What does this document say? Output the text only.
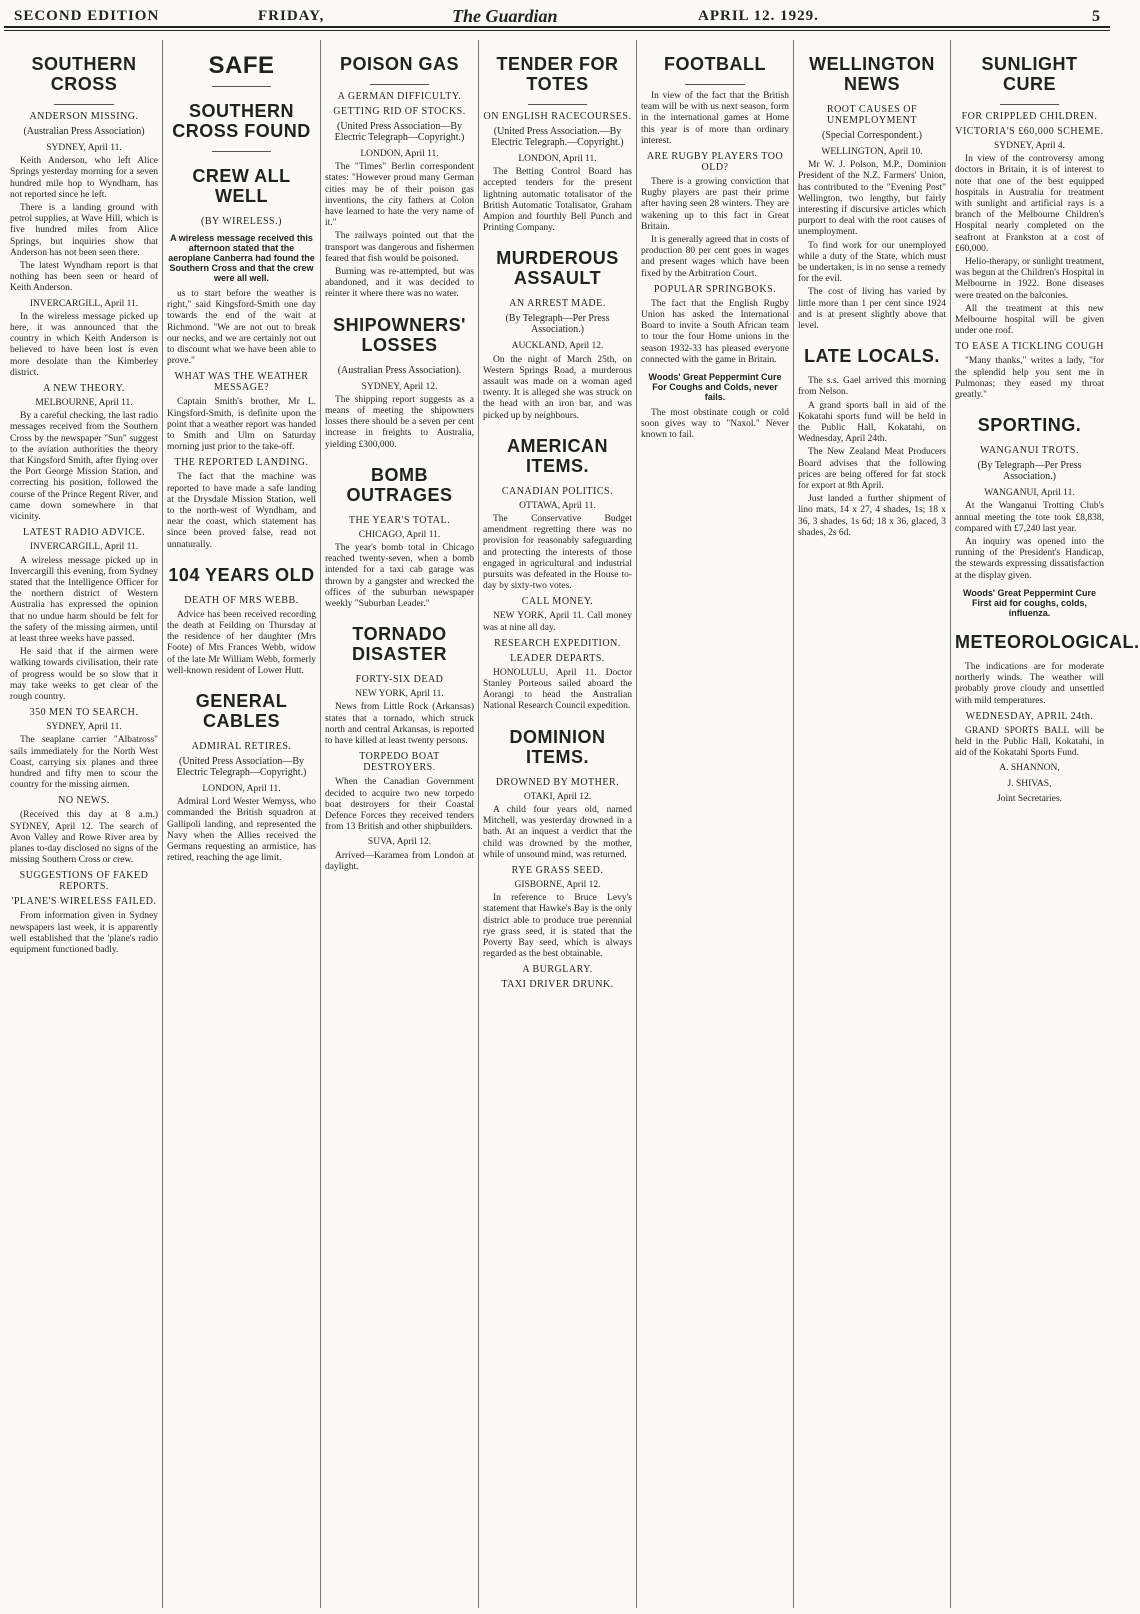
SECOND EDITION	FRIDAY,	The Guardian	APRIL 12. 1929.	5
SOUTHERN CROSS
ANDERSON MISSING.
(Australian Press Association)

SYDNEY, April 11.

Keith Anderson, who left Alice Springs yesterday morning for a seven hundred mile hop to Wyndham, has not reported since he left.

There is a landing ground with petrol supplies, at Wave Hill, which is five hundred miles from Alice Springs, but inquiries show that Anderson has not been seen there.

The latest Wyndham report is that nothing has been seen or heard of Keith Anderson.

INVERCARGILL, April 11.

In the wireless message picked up here, it was announced that the country in which Keith Anderson is believed to have been lost is even more desolate than the Kimberley district.

A NEW THEORY.

MELBOURNE, April 11.

By a careful checking, the last radio messages received from the Southern Cross by the newspaper "Sun" suggest to the aviation authorities the theory that Kingsford Smith, after flying over the Port George Mission Station, and correcting his position, followed the course of the Prince Regent River, and came down somewhere in that vicinity.

LATEST RADIO ADVICE.

INVERCARGILL, April 11.

A wireless message picked up in Invercargill this evening, from Sydney stated that the Intelligence Officer for the northern district of Western Australia has expressed the opinion that no undue harm should be felt for the safety of the missing airmen, until at least three weeks have passed.

He said that if the airmen were walking towards civilisation, their rate of progress would be so slow that it may take weeks to get clear of the rough country.

350 MEN TO SEARCH.

SYDNEY, April 11.

The seaplane carrier "Albatross" sails immediately for the North West Coast, carrying six planes and three hundred and fifty men to scour the country for the missing airmen.

NO NEWS.

(Received this day at 8 a.m.) SYDNEY, April 12. The search of Avon Valley and Rowe River area by planes to-day disclosed no signs of the missing Southern Cross or crew.

SUGGESTIONS OF FAKED REPORTS.
'PLANE'S WIRELESS FAILED.

From information given in Sydney newspapers last week, it is apparently well established that the 'plane's radio equipment functioned badly.

SAFE
SOUTHERN CROSS FOUND
CREW ALL WELL
(BY WIRELESS.)
A wireless message received this afternoon stated that the aeroplane Canberra had found the Southern Cross and that the crew were all well.

us to start before the weather is right," said Kingsford-Smith one day towards the end of the wait at Richmond. "We are not out to break our necks, and we are certainly not out to discount what we have been able to prove."

WHAT WAS THE WEATHER MESSAGE?

Captain Smith's brother, Mr L. Kingsford-Smith, is definite upon the point that a weather report was handed to Smith and Ulm on Saturday morning just prior to the take-off.

THE REPORTED LANDING.

The fact that the machine was reported to have made a safe landing at the Drysdale Mission Station, well to the north-west of Wyndham, and near the coast, which statement has since been proved false, read not unnaturally.

104 YEARS OLD
DEATH OF MRS WEBB.

Advice has been received recording the death at Feilding on Thursday at the residence of her daughter (Mrs Foote) of Mrs Frances Webb, widow of the late Mr William Webb, formerly well-known resident of Lower Hutt.

GENERAL CABLES
ADMIRAL RETIRES.
(United Press Association—By Electric Telegraph—Copyright.)

LONDON, April 11.

Admiral Lord Wester Wemyss, who commanded the British squadron at Gallipoli landing, and represented the Navy when the Allies received the Germans requesting an armistice, has retired, reaching the age limit.

POISON GAS
A GERMAN DIFFICULTY.
GETTING RID OF STOCKS.
(United Press Association—By Electric Telegraph—Copyright.)

LONDON, April 11.

The "Times" Berlin correspondent states: "However proud many German cities may be of their poison gas inventions, the city fathers at Colon have learned to hate the very name of it."

The railways pointed out that the transport was dangerous and fishermen feared that fish would be poisoned.

Burning was re-attempted, but was abandoned, and it was decided to reinter it where there was no water.

SHIPOWNERS' LOSSES
(Australian Press Association).

SYDNEY, April 12.

The shipping report suggests as a means of meeting the shipowners losses there should be a seven per cent increase in freights to Australia, yielding £300,000.

BOMB OUTRAGES
THE YEAR'S TOTAL.

CHICAGO, April 11.

The year's bomb total in Chicago reached twenty-seven, when a bomb intended for a taxi cab garage was thrown by a gangster and wrecked the offices of the suburban newspaper weekly "Suburban Leader."

TORNADO DISASTER
FORTY-SIX DEAD

NEW YORK, April 11.

News from Little Rock (Arkansas) states that a tornado, which struck north and central Arkansas, is reported to have killed at least twenty persons.

TORPEDO BOAT DESTROYERS.

When the Canadian Government decided to acquire two new torpedo boat destroyers for their Coastal Defence Forces they received tenders from 13 British and other shipbuilders.

SUVA, April 12.

Arrived—Karamea from London at daylight.

TENDER FOR TOTES
ON ENGLISH RACECOURSES.
(United Press Association.—By Electric Telegraph.—Copyright.)

LONDON, April 11.

The Betting Control Board has accepted tenders for the present lightning automatic totalisator of the British Automatic Totalisator, Graham Ampion and fourthly Bell Punch and Printing Company.

MURDEROUS ASSAULT
AN ARREST MADE.
(By Telegraph—Per Press Association.)

AUCKLAND, April 12.

On the night of March 25th, on Western Springs Road, a murderous assault was made on a woman aged twenty. It is alleged she was struck on the head with an iron bar, and was picked up by neighbours.

AMERICAN ITEMS.
CANADIAN POLITICS.

OTTAWA, April 11.

The Conservative Budget amendment regretting there was no provision for reasonably safeguarding and protecting the interests of those engaged in agricultural and industrial pursuits was defeated in the House to-day by sixty-two votes.

CALL MONEY.

NEW YORK, April 11. Call money was at nine all day.

RESEARCH EXPEDITION.
LEADER DEPARTS.

HONOLULU, April 11. Doctor Stanley Porteous sailed aboard the Aorangi to head the Australian National Research Council expedition.

DOMINION ITEMS.
DROWNED BY MOTHER.

OTAKI, April 12.

A child four years old, named Mitchell, was yesterday drowned in a bath. At an inquest a verdict that the child was drowned by the mother, while of unsound mind, was returned.

RYE GRASS SEED.

GISBORNE, April 12.

In reference to Bruce Levy's statement that Hawke's Bay is the only district able to produce true perennial rye grass seed, it is stated that the Poverty Bay seed, which is always regarded as the best obtainable.

A BURGLARY.
TAXI DRIVER DRUNK.
FOOTBALL

In view of the fact that the British team will be with us next season, form in the international games at Home this year is of more than ordinary interest.

ARE RUGBY PLAYERS TOO OLD?

There is a growing conviction that Rugby players are past their prime after having seen 28 winters. They are wakening up to this fact in Great Britain.

It is generally agreed that in costs of production 80 per cent goes in wages and present wages which have been fixed by the Arbitration Court.

POPULAR SPRINGBOKS.

The fact that the English Rugby Union has asked the International Board to invite a South African team to tour the four Home unions in the season 1932-33 has pleased everyone connected with the game in Britain.

Woods' Great Peppermint Cure For Coughs and Colds, never fails.

The most obstinate cough or cold soon gives way to "Naxol." Never known to fail.

WELLINGTON NEWS
ROOT CAUSES OF UNEMPLOYMENT
(Special Correspondent.)

WELLINGTON, April 10.

Mr W. J. Polson, M.P., Dominion President of the N.Z. Farmers' Union, has contributed to the "Evening Post" Wellington, two lengthy, but fairly interesting if discursive articles which purport to deal with the root causes of unemployment.

To find work for our unemployed while a duty of the State, which must be undertaken, is in no sense a remedy for the evil.

The cost of living has varied by little more than 1 per cent since 1924 and is at present slightly above that level.

LATE LOCALS.

The s.s. Gael arrived this morning from Nelson.

A grand sports ball in aid of the Kokatahi sports fund will be held in the Public Hall, Kokatahi, on Wednesday, April 24th.

The New Zealand Meat Producers Board advises that the following prices are being offered for fat stock for export at 8th April.

Just landed a further shipment of lino mats, 14 x 27, 4 shades, 1s; 18 x 36, 3 shades, 1s 6d; 18 x 36, glaced, 3 shades, 2s 6d.

SUNLIGHT CURE
FOR CRIPPLED CHILDREN.
VICTORIA'S £60,000 SCHEME.

SYDNEY, April 4.

In view of the controversy among doctors in Britain, it is of interest to note that one of the best equipped hospitals in Australia for treatment with sunlight and artificial rays is a branch of the Melbourne Children's Hospital nearly completed on the seafront at Frankston at a cost of £60,000.

Helio-therapy, or sunlight treatment, was begun at the Children's Hospital in Melbourne in 1922. Bone diseases were treated on the balconies.

All the treatment at this new Melbourne hospital will be given under one roof.

TO EASE A TICKLING COUGH

"Many thanks," writes a lady, "for the splendid help you sent me in Pulmonas; they eased my throat greatly."

SPORTING.
WANGANUI TROTS.
(By Telegraph—Per Press Association.)

WANGANUI, April 11.

At the Wanganui Trotting Club's annual meeting the tote took £8,838, compared with £7,240 last year.

An inquiry was opened into the running of the President's Handicap, the stewards expressing dissatisfaction at the display given.

Woods' Great Peppermint Cure First aid for coughs, colds, influenza.
METEOROLOGICAL.

The indications are for moderate northerly winds. The weather will probably prove cloudy and unsettled with mild temperatures.

WEDNESDAY, APRIL 24th.

GRAND SPORTS BALL will be held in the Public Hall, Kokatahi, in aid of the Kokatahi Sports Fund.

A. SHANNON,

J. SHIVAS,

Joint Secretaries.
